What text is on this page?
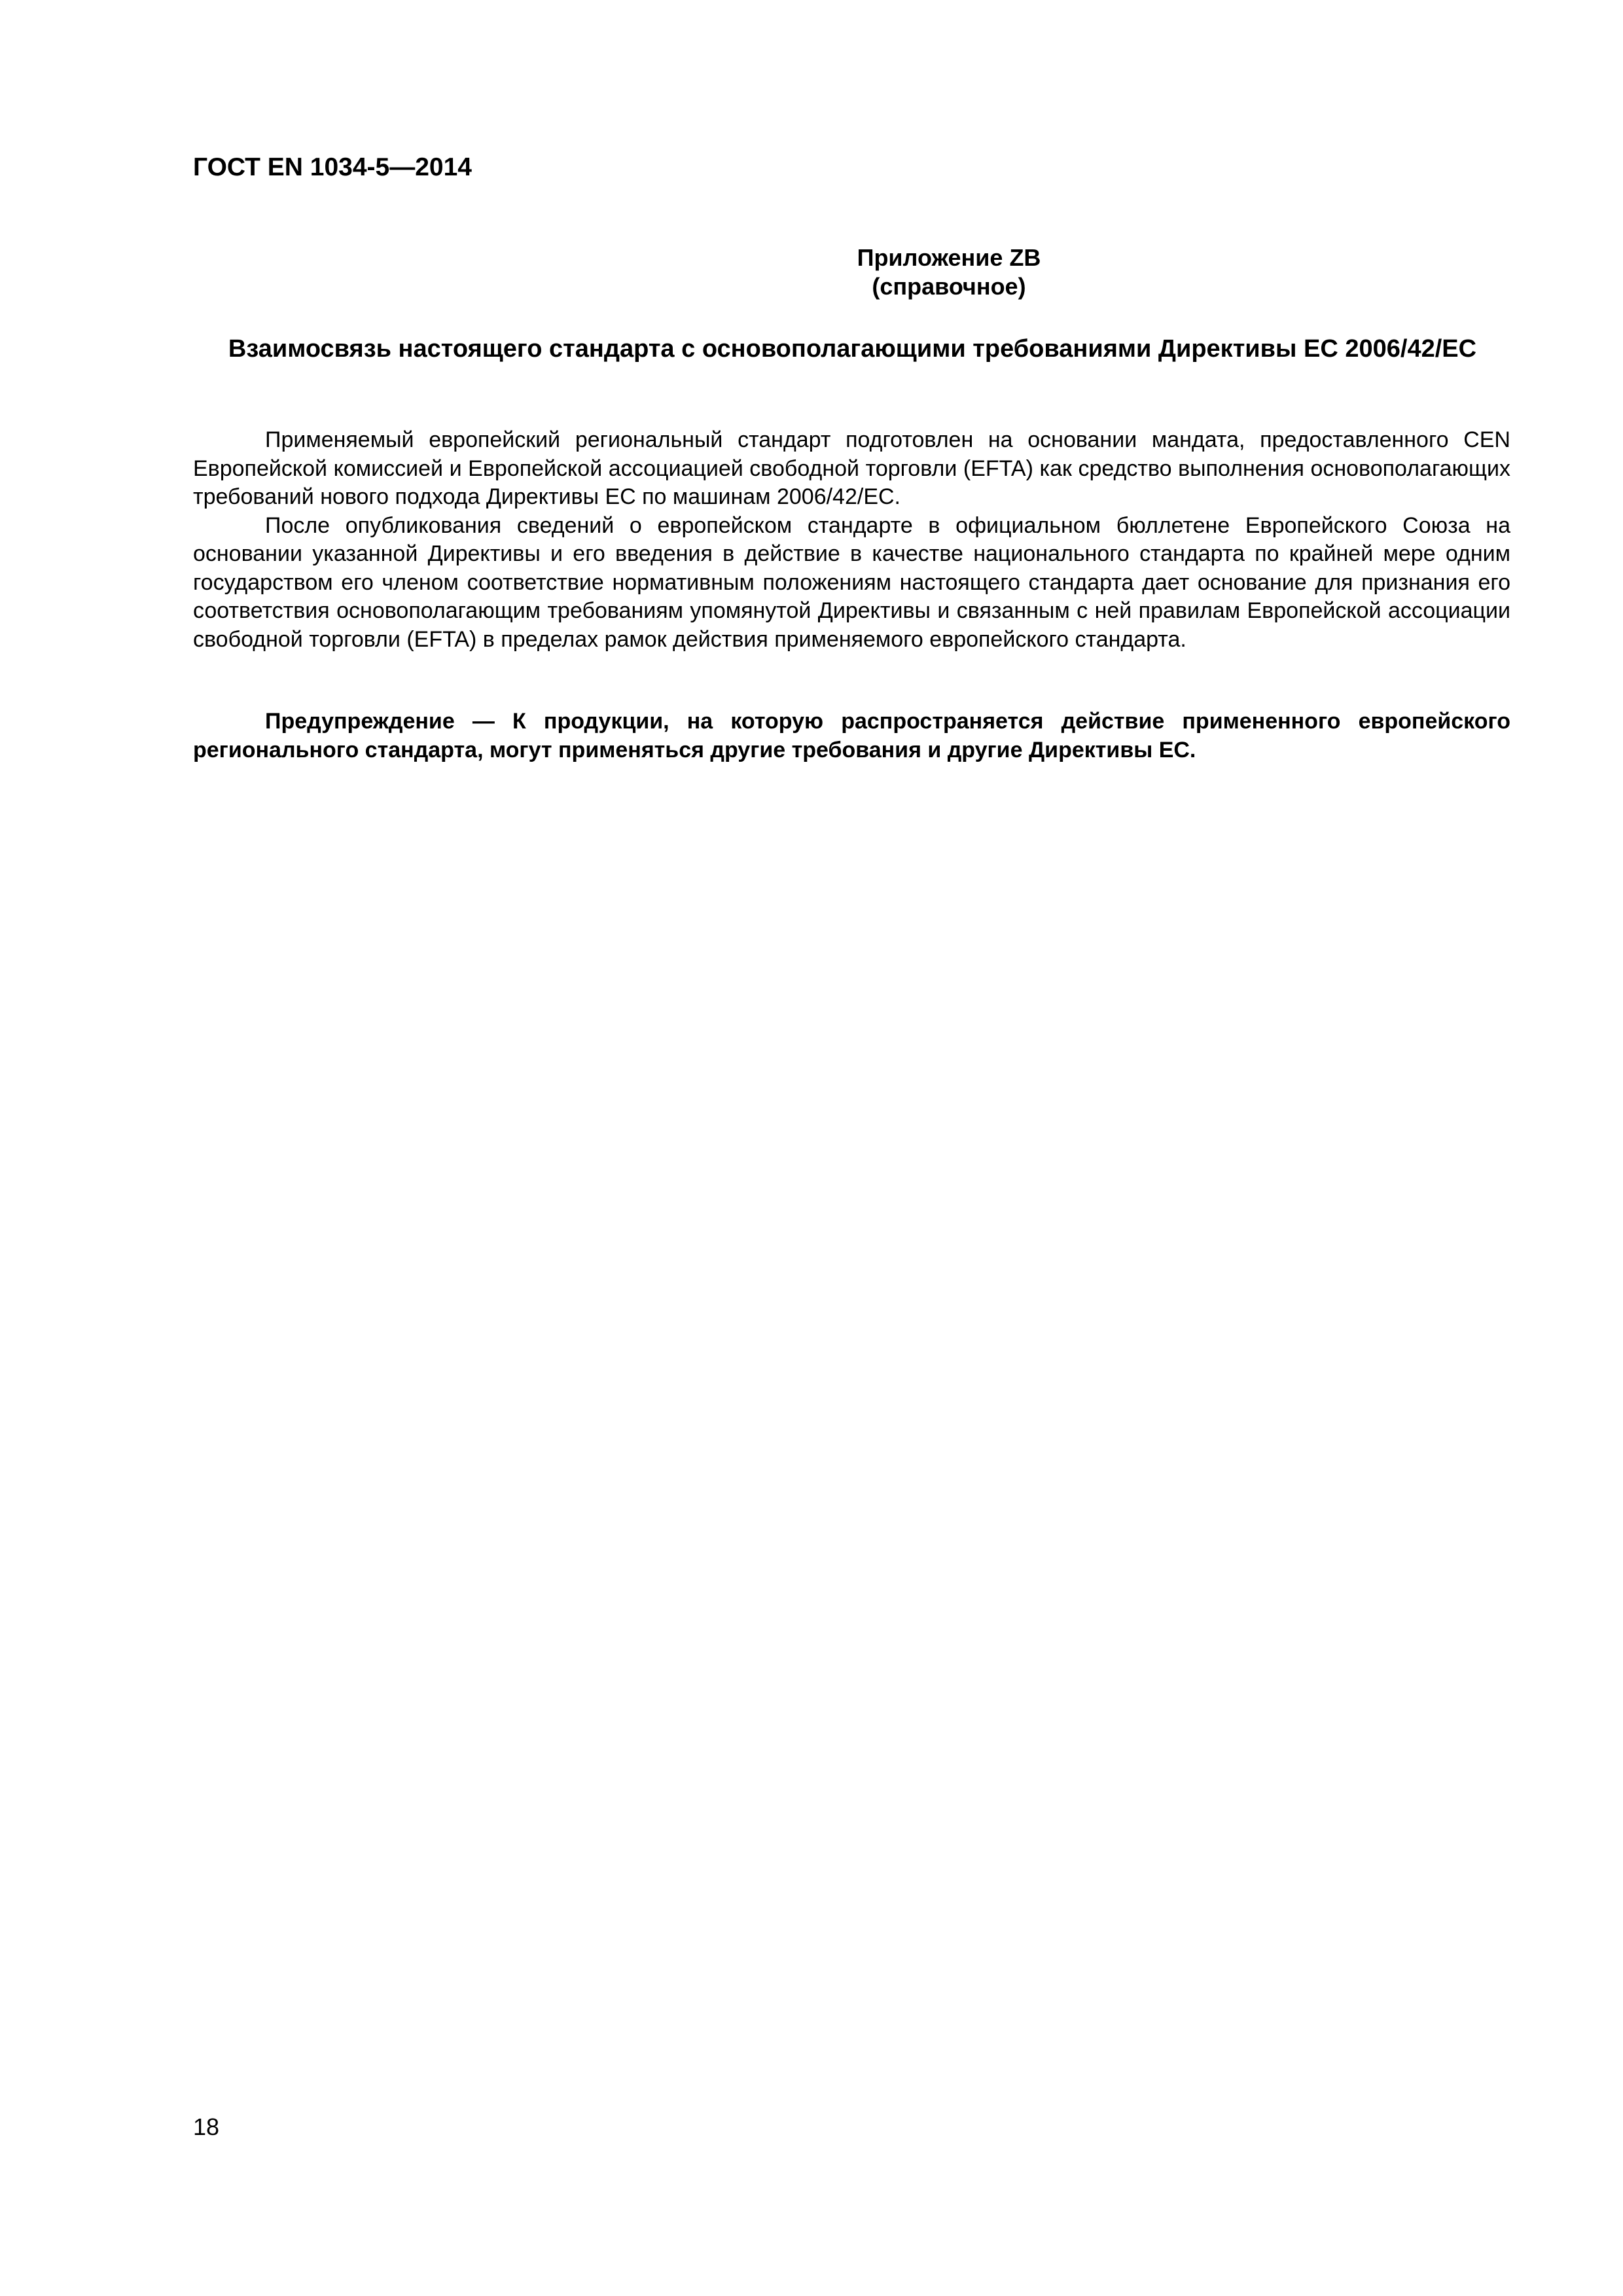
ГОСТ EN 1034-5—2014
Приложение ZB
(справочное)
Взаимосвязь настоящего стандарта с основополагающими требованиями Директивы ЕС 2006/42/ЕС

Применяемый европейский региональный стандарт подготовлен на основании мандата, предоставленного CEN Европейской комиссией и Европейской ассоциацией свободной торговли (EFTA) как средство выполнения основополагающих требований нового подхода Директивы ЕС по машинам 2006/42/ЕС.

После опубликования сведений о европейском стандарте в официальном бюллетене Европейского Союза на основании указанной Директивы и его введения в действие в качестве национального стандарта по крайней мере одним государством его членом соответствие нормативным положениям настоящего стандарта дает основание для признания его соответствия основополагающим требованиям упомянутой Директивы и связанным с ней правилам Европейской ассоциации свободной торговли (EFTA) в пределах рамок действия применяемого европейского стандарта.

Предупреждение — К продукции, на которую распространяется действие примененного европейского регионального стандарта, могут применяться другие требования и другие Директивы ЕС.

18
